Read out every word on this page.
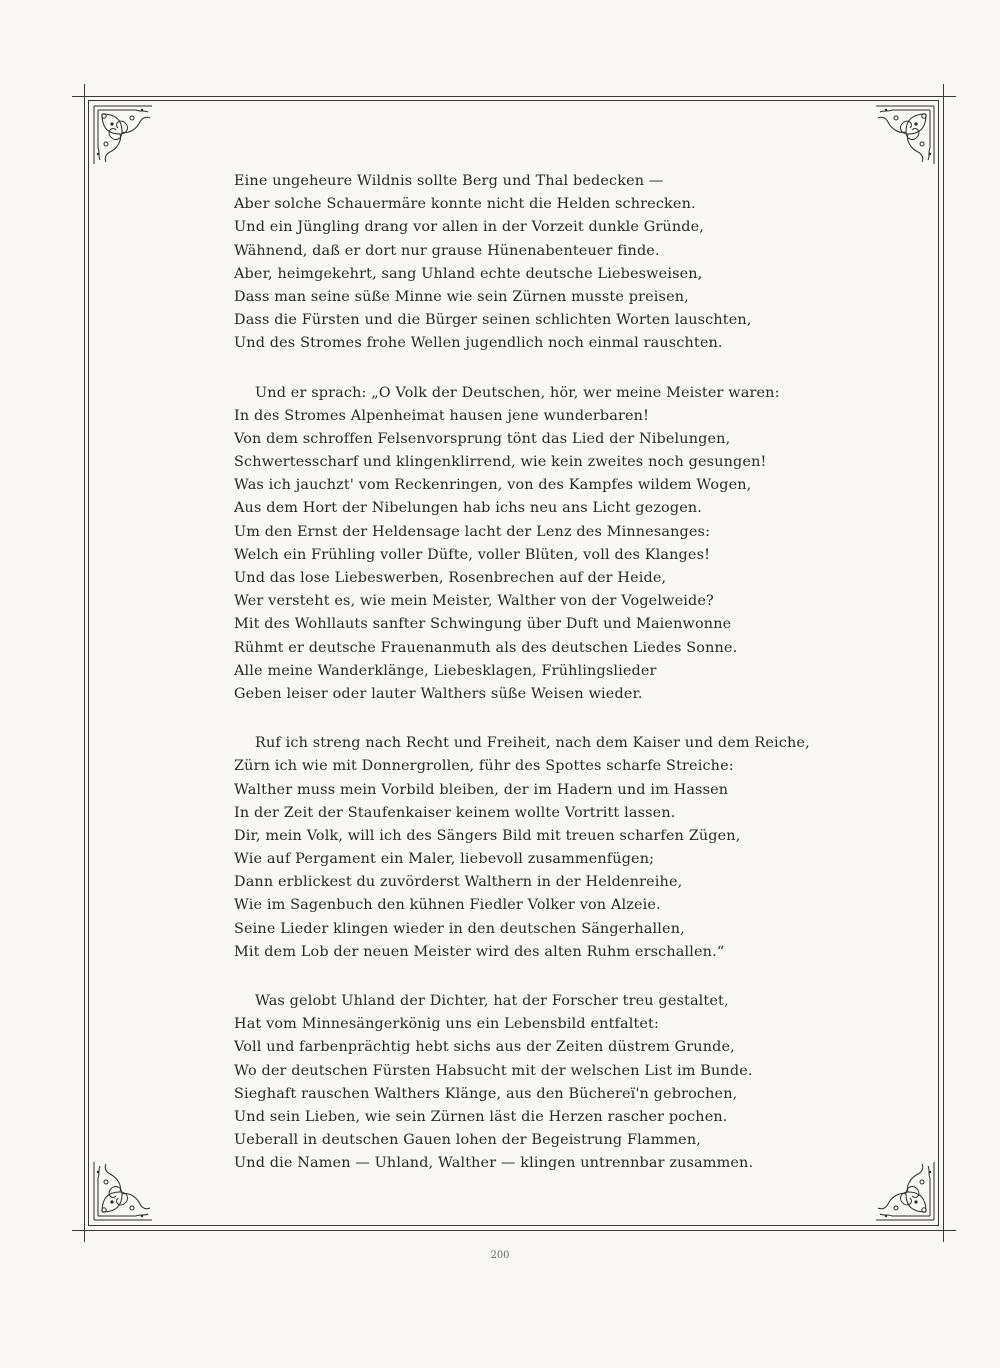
Eine ungeheure Wildnis sollte Berg und Thal bedecken —
Aber solche Schauermäre konnte nicht die Helden schrecken.
Und ein Jüngling drang vor allen in der Vorzeit dunkle Gründe,
Wähnend, daß er dort nur grause Hünenabenteuer finde.
Aber, heimgekehrt, sang Uhland echte deutsche Liebesweisen,
Dass man seine süße Minne wie sein Zürnen musste preisen,
Dass die Fürsten und die Bürger seinen schlichten Worten lauschten,
Und des Stromes frohe Wellen jugendlich noch einmal rauschten.
Und er sprach: „O Volk der Deutschen, hör, wer meine Meister waren:
In des Stromes Alpenheimat hausen jene wunderbaren!
Von dem schroffen Felsenvorsprung tönt das Lied der Nibelungen,
Schwertesscharf und klingenklirrend, wie kein zweites noch gesungen!
Was ich jauchzt' vom Reckenringen, von des Kampfes wildem Wogen,
Aus dem Hort der Nibelungen hab ichs neu ans Licht gezogen.
Um den Ernst der Heldensage lacht der Lenz des Minnesanges:
Welch ein Frühling voller Düfte, voller Blüten, voll des Klanges!
Und das lose Liebeswerben, Rosenbrechen auf der Heide,
Wer versteht es, wie mein Meister, Walther von der Vogelweide?
Mit des Wohllauts sanfter Schwingung über Duft und Maienwonne
Rühmt er deutsche Frauenanmuth als des deutschen Liedes Sonne.
Alle meine Wanderklänge, Liebesklagen, Frühlingslieder
Geben leiser oder lauter Walthers süße Weisen wieder.
Ruf ich streng nach Recht und Freiheit, nach dem Kaiser und dem Reiche,
Zürn ich wie mit Donnergrollen, führ des Spottes scharfe Streiche:
Walther muss mein Vorbild bleiben, der im Hadern und im Hassen
In der Zeit der Staufenkaiser keinem wollte Vortritt lassen.
Dir, mein Volk, will ich des Sängers Bild mit treuen scharfen Zügen,
Wie auf Pergament ein Maler, liebevoll zusammenfügen;
Dann erblickest du zuvörderst Walthern in der Heldenreihe,
Wie im Sagenbuch den kühnen Fiedler Volker von Alzeie.
Seine Lieder klingen wieder in den deutschen Sängerhallen,
Mit dem Lob der neuen Meister wird des alten Ruhm erschallen.“
Was gelobt Uhland der Dichter, hat der Forscher treu gestaltet,
Hat vom Minnesängerkönig uns ein Lebensbild entfaltet:
Voll und farbenprächtig hebt sichs aus der Zeiten düstrem Grunde,
Wo der deutschen Fürsten Habsucht mit der welschen List im Bunde.
Sieghaft rauschen Walthers Klänge, aus den Büchereï'n gebrochen,
Und sein Lieben, wie sein Zürnen läst die Herzen rascher pochen.
Ueberall in deutschen Gauen lohen der Begeistrung Flammen,
Und die Namen — Uhland, Walther — klingen untrennbar zusammen.
200
